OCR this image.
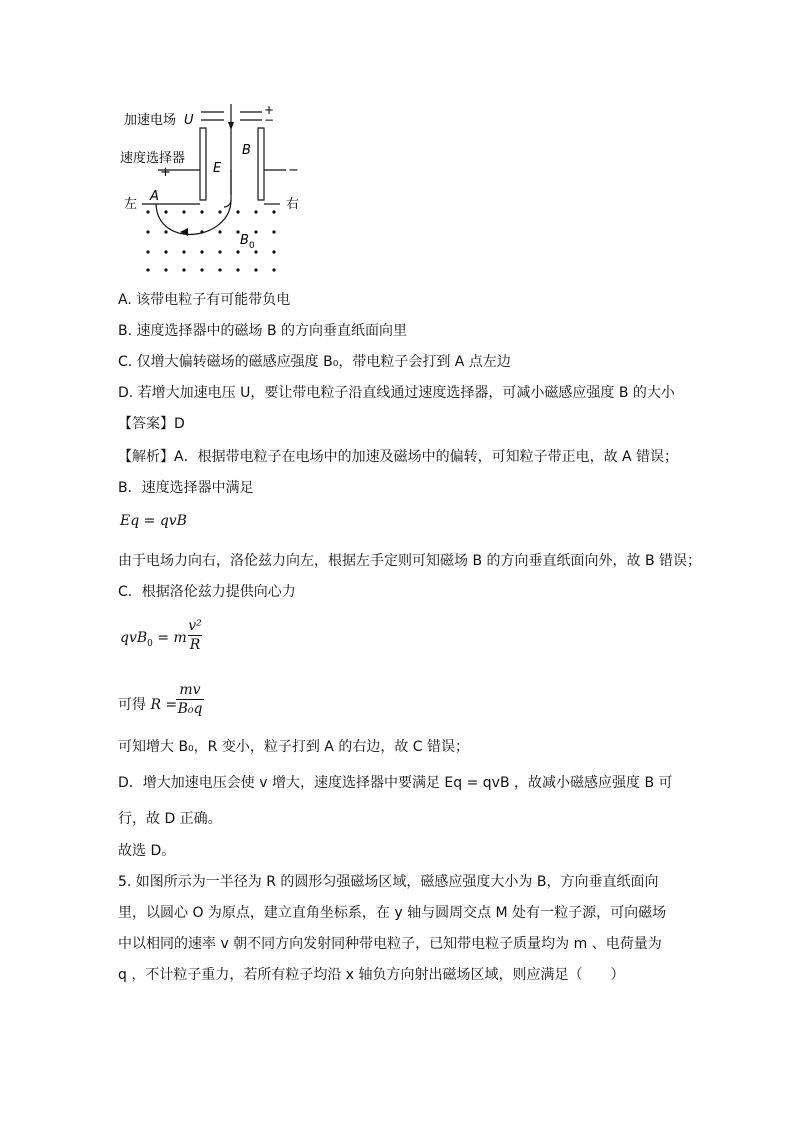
加速电场 U
+
−
速度选择器
+	E
B
−
左	右
A
B 0
A. 该带电粒子有可能带负电
B. 速度选择器中的磁场 B 的方向垂直纸面向里
C. 仅增大偏转磁场的磁感应强度 B₀，带电粒子会打到 A 点左边
D. 若增大加速电压 U，要让带电粒子沿直线通过速度选择器，可减小磁感应强度 B 的大小
【答案】D
【解析】A．根据带电粒子在电场中的加速及磁场中的偏转，可知粒子带正电，故 A 错误；
B．速度选择器中满足
Eq = qvB
由于电场力向右，洛伦兹力向左，根据左手定则可知磁场 B 的方向垂直纸面向外，故 B 错误；
C．根据洛伦兹力提供向心力
qvB$_0$ = m $\frac{\text{v²}}{R}$
可得 R =
$\frac{mv}{\text{B₀q}}$
可知增大 B₀，R 变小，粒子打到 A 的右边，故 C 错误；
D．增大加速电压会使 v 增大，速度选择器中要满足 Eq = qvB ，故减小磁感应强度 B 可
行，故 D 正确。
故选 D。
5. 如图所示为一半径为 R 的圆形匀强磁场区域，磁感应强度大小为 B，方向垂直纸面向
里，以圆心 O 为原点，建立直角坐标系，在 y 轴与圆周交点 M 处有一粒子源，可向磁场
中以相同的速率 v 朝不同方向发射同种带电粒子，已知带电粒子质量均为 m 、电荷量为
q ，不计粒子重力，若所有粒子均沿 x 轴负方向射出磁场区域，则应满足（　　）
